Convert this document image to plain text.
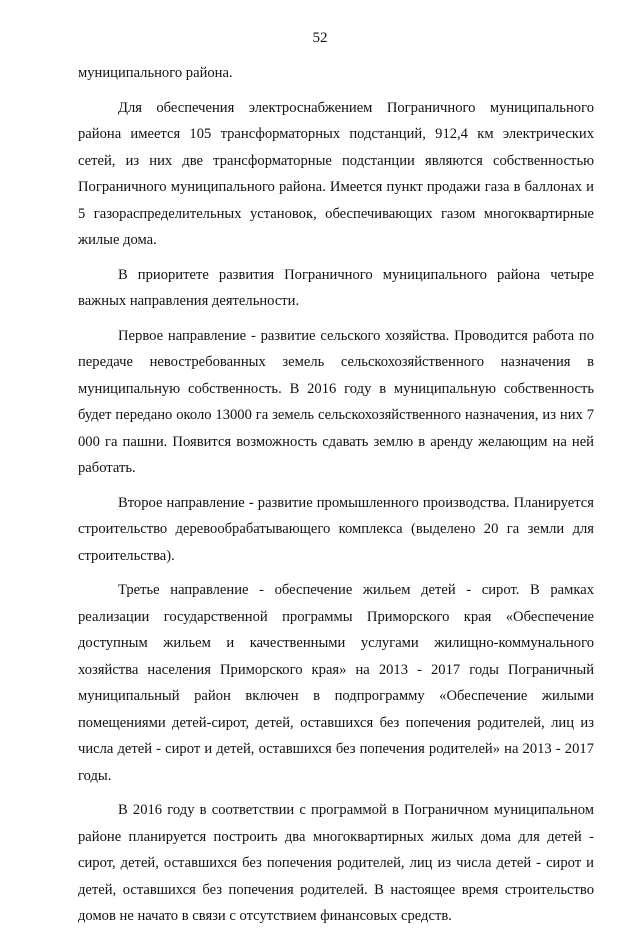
52

муниципального района.

Для обеспечения электроснабжением Пограничного муниципального района имеется 105 трансформаторных подстанций, 912,4 км электрических сетей, из них две трансформаторные подстанции являются собственностью Пограничного муниципального района. Имеется пункт продажи газа в баллонах и 5 газораспределительных установок, обеспечивающих газом многоквартирные жилые дома.

В приоритете развития Пограничного муниципального района четыре важных направления деятельности.

Первое направление - развитие сельского хозяйства. Проводится работа по передаче невостребованных земель сельскохозяйственного назначения в муниципальную собственность. В 2016 году в муниципальную собственность будет передано около 13000 га земель сельскохозяйственного назначения, из них 7 000 га пашни. Появится возможность сдавать землю в аренду желающим на ней работать.

Второе направление - развитие промышленного производства. Планируется строительство деревообрабатывающего комплекса (выделено 20 га земли для строительства).

Третье направление - обеспечение жильем детей - сирот. В рамках реализации государственной программы Приморского края «Обеспечение доступным жильем и качественными услугами жилищно-коммунального хозяйства населения Приморского края» на 2013 - 2017 годы Пограничный муниципальный район включен в подпрограмму «Обеспечение жилыми помещениями детей-сирот, детей, оставшихся без попечения родителей, лиц из числа детей - сирот и детей, оставшихся без попечения родителей» на 2013 - 2017 годы.

В 2016 году в соответствии с программой в Пограничном муниципальном районе планируется построить два многоквартирных жилых дома для детей - сирот, детей, оставшихся без попечения родителей, лиц из числа детей - сирот и детей, оставшихся без попечения родителей. В настоящее время строительство домов не начато в связи с отсутствием финансовых средств.
